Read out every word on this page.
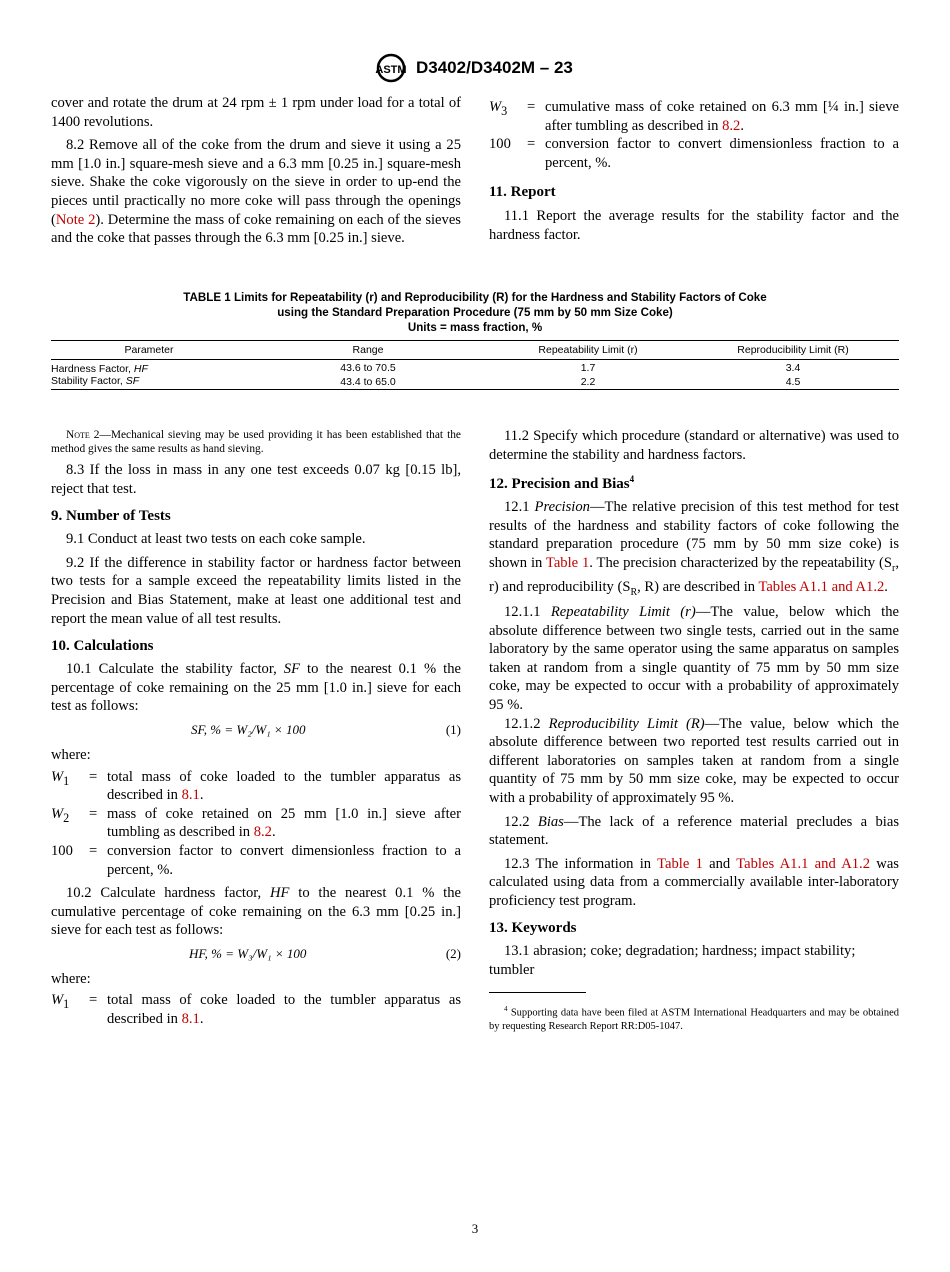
ASTM D3402/D3402M – 23

cover and rotate the drum at 24 rpm ± 1 rpm under load for a total of 1400 revolutions.

8.2 Remove all of the coke from the drum and sieve it using a 25 mm [1.0 in.] square-mesh sieve and a 6.3 mm [0.25 in.] square-mesh sieve. Shake the coke vigorously on the sieve in order to up-end the pieces until practically no more coke will pass through the openings (Note 2). Determine the mass of coke remaining on each of the sieves and the coke that passes through the 6.3 mm [0.25 in.] sieve.

$W_3$	= cumulative mass of coke retained on 6.3 mm [¼ in.] sieve after tumbling as described in 8.2.
100	= conversion factor to convert dimensionless fraction to a percent, %.

11. Report

11.1 Report the average results for the stability factor and the hardness factor.

TABLE 1 Limits for Repeatability (r) and Reproducibility (R) for the Hardness and Stability Factors of Coke
using the Standard Preparation Procedure (75 mm by 50 mm Size Coke)
Units = mass fraction, %
Parameter	Range	Repeatability Limit (r)	Reproducibility Limit (R)
Hardness Factor, HF	43.6 to 70.5	1.7	3.4
Stability Factor, SF	43.4 to 65.0	2.2	4.5

Note 2—Mechanical sieving may be used providing it has been established that the method gives the same results as hand sieving.

8.3 If the loss in mass in any one test exceeds 0.07 kg [0.15 lb], reject that test.

9. Number of Tests

9.1 Conduct at least two tests on each coke sample.

9.2 If the difference in stability factor or hardness factor between two tests for a sample exceed the repeatability limits listed in the Precision and Bias Statement, make at least one additional test and report the mean value of all test results.

10. Calculations

10.1 Calculate the stability factor, SF to the nearest 0.1 % the percentage of coke remaining on the 25 mm [1.0 in.] sieve for each test as follows:

SF, % = W₂/W₁ × 100	(1)

where:

$W_1$	= total mass of coke loaded to the tumbler apparatus as described in 8.1.
$W_2$	= mass of coke retained on 25 mm [1.0 in.] sieve after tumbling as described in 8.2.
100	= conversion factor to convert dimensionless fraction to a percent, %.

10.2 Calculate hardness factor, HF to the nearest 0.1 % the cumulative percentage of coke remaining on the 6.3 mm [0.25 in.] sieve for each test as follows:

HF, % = W₃/W₁ × 100	(2)

where:

$W_1$	= total mass of coke loaded to the tumbler apparatus as described in 8.1.

11.2 Specify which procedure (standard or alternative) was used to determine the stability and hardness factors.

12. Precision and Bias$^4$

12.1 Precision—The relative precision of this test method for test results of the hardness and stability factors of coke following the standard preparation procedure (75 mm by 50 mm size coke) is shown in Table 1. The precision characterized by the repeatability ($S_r$, r) and reproducibility ($S_R$, R) are described in Tables A1.1 and A1.2.

12.1.1 Repeatability Limit (r)—The value, below which the absolute difference between two single tests, carried out in the same laboratory by the same operator using the same apparatus on samples taken at random from a single quantity of 75 mm by 50 mm size coke, may be expected to occur with a probability of approximately 95 %.

12.1.2 Reproducibility Limit (R)—The value, below which the absolute difference between two reported test results carried out in different laboratories on samples taken at random from a single quantity of 75 mm by 50 mm size coke, may be expected to occur with a probability of approximately 95 %.

12.2 Bias—The lack of a reference material precludes a bias statement.

12.3 The information in Table 1 and Tables A1.1 and A1.2 was calculated using data from a commercially available inter-laboratory proficiency test program.

13. Keywords

13.1 abrasion; coke; degradation; hardness; impact stability; tumbler

$^4$ Supporting data have been filed at ASTM International Headquarters and may be obtained by requesting Research Report RR:D05-1047.

3
